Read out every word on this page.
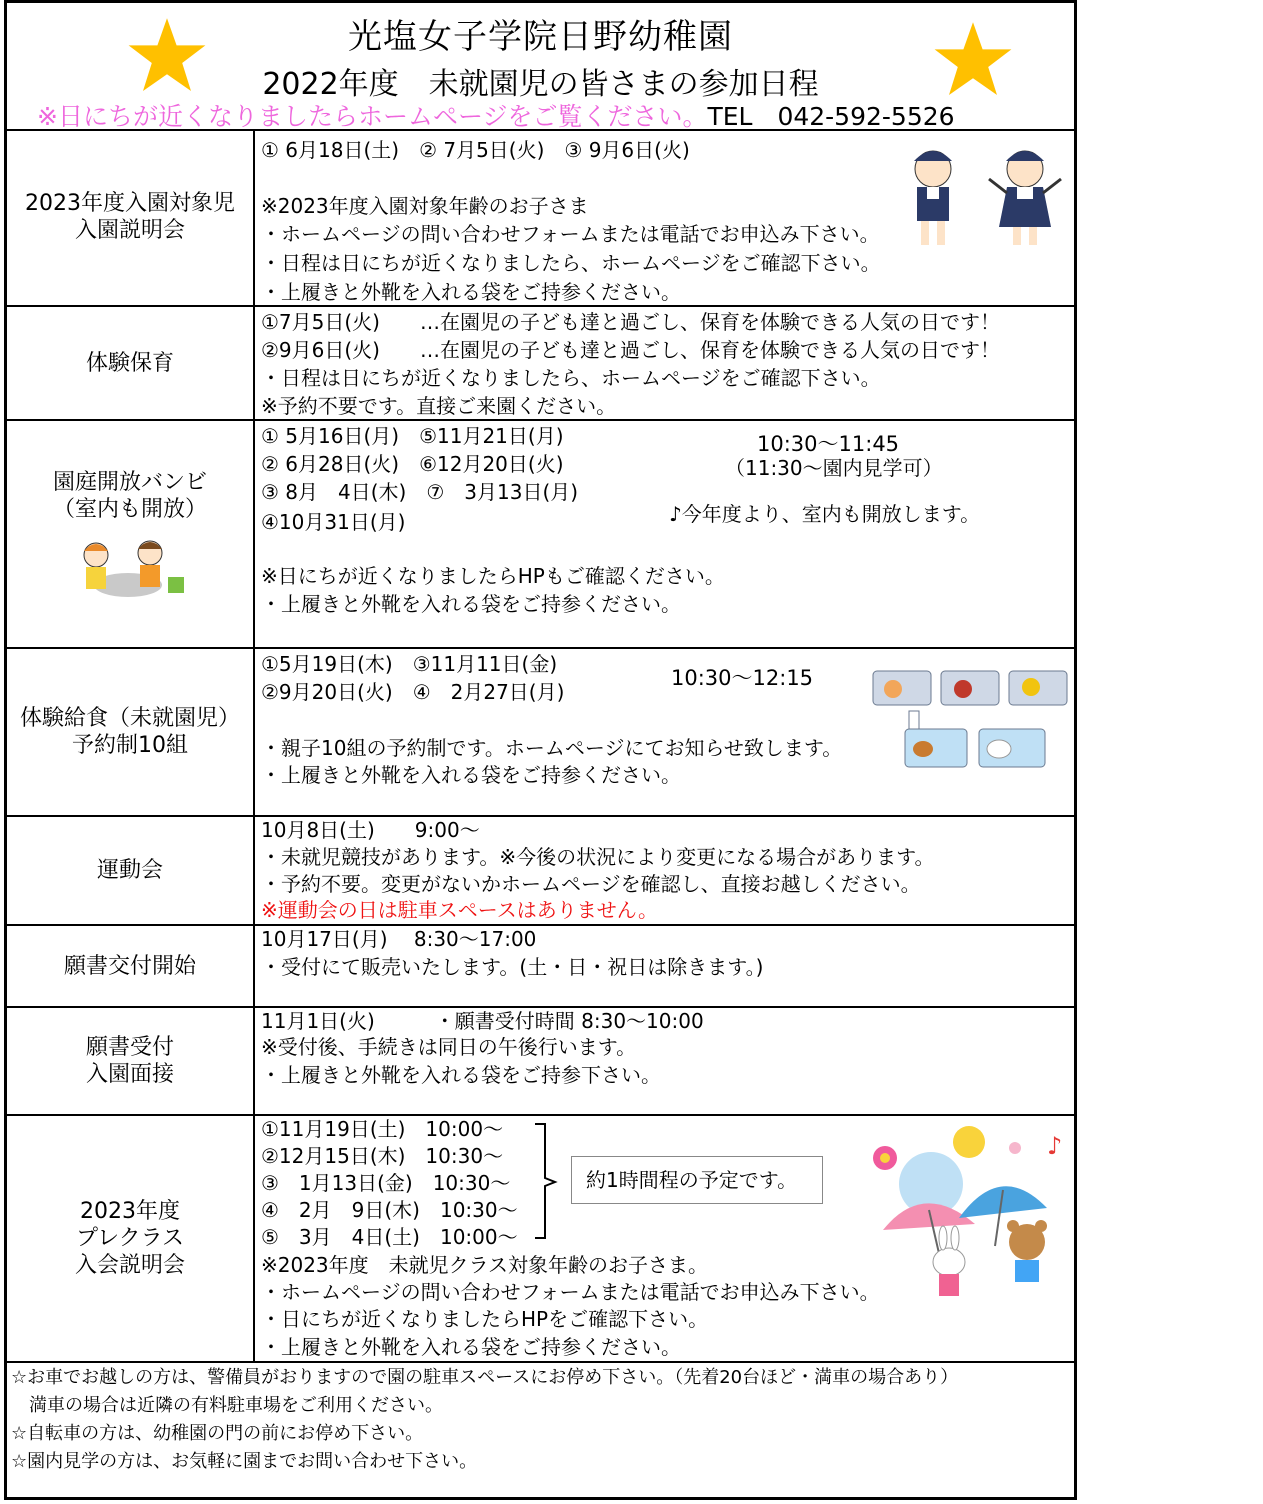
光塩女子学院日野幼稚園
2022年度　未就園児の皆さまの参加日程
※日にちが近くなりましたらホームページをご覧ください。TEL　042-592-5526
2023年度入園対象児
入園説明会
① 6月18日(土)　② 7月5日(火)　③ 9月6日(火)
※2023年度入園対象年齢のお子さま
・ホームページの問い合わせフォームまたは電話でお申込み下さい。
・日程は日にちが近くなりましたら、ホームページをご確認下さい。
・上履きと外靴を入れる袋をご持参ください。
体験保育
①7月5日(火)　　…在園児の子ども達と過ごし、保育を体験できる人気の日です！
②9月6日(火)　　…在園児の子ども達と過ごし、保育を体験できる人気の日です！
・日程は日にちが近くなりましたら、ホームページをご確認下さい。
※予約不要です。直接ご来園ください。
園庭開放バンビ
（室内も開放）
① 5月16日(月)　⑤11月21日(月)
② 6月28日(火)　⑥12月20日(火)
③ 8月　4日(木)　⑦　3月13日(月)
④10月31日(月)
10:30～11:45
（11:30～園内見学可）
♪今年度より、室内も開放します。
※日にちが近くなりましたらHPもご確認ください。
・上履きと外靴を入れる袋をご持参ください。
体験給食（未就園児）
予約制10組
①5月19日(木)　③11月11日(金)
②9月20日(火)　④　2月27日(月)
10:30～12:15
・親子10組の予約制です。ホームページにてお知らせ致します。
・上履きと外靴を入れる袋をご持参ください。
運動会
10月8日(土)　　9:00～
・未就児競技があります。※今後の状況により変更になる場合があります。
・予約不要。変更がないかホームページを確認し、直接お越しください。
※運動会の日は駐車スペースはありません。
願書交付開始
10月17日(月)　 8:30～17:00
・受付にて販売いたします。(土・日・祝日は除きます。)
願書受付
入園面接
11月1日(火)　　　・願書受付時間 8:30～10:00
※受付後、手続きは同日の午後行います。
・上履きと外靴を入れる袋をご持参下さい。
2023年度
プレクラス
入会説明会
①11月19日(土)　10:00～
②12月15日(木)　10:30～
③　1月13日(金)　10:30～
④　2月　9日(木)　10:30～
⑤　3月　4日(土)　10:00～
約1時間程の予定です。
※2023年度　未就児クラス対象年齢のお子さま。
・ホームページの問い合わせフォームまたは電話でお申込み下さい。
・日にちが近くなりましたらHPをご確認下さい。
・上履きと外靴を入れる袋をご持参ください。
♪
☆お車でお越しの方は、警備員がおりますので園の駐車スペースにお停め下さい。（先着20台ほど・満車の場合あり）
　満車の場合は近隣の有料駐車場をご利用ください。
☆自転車の方は、幼稚園の門の前にお停め下さい。
☆園内見学の方は、お気軽に園までお問い合わせ下さい。
